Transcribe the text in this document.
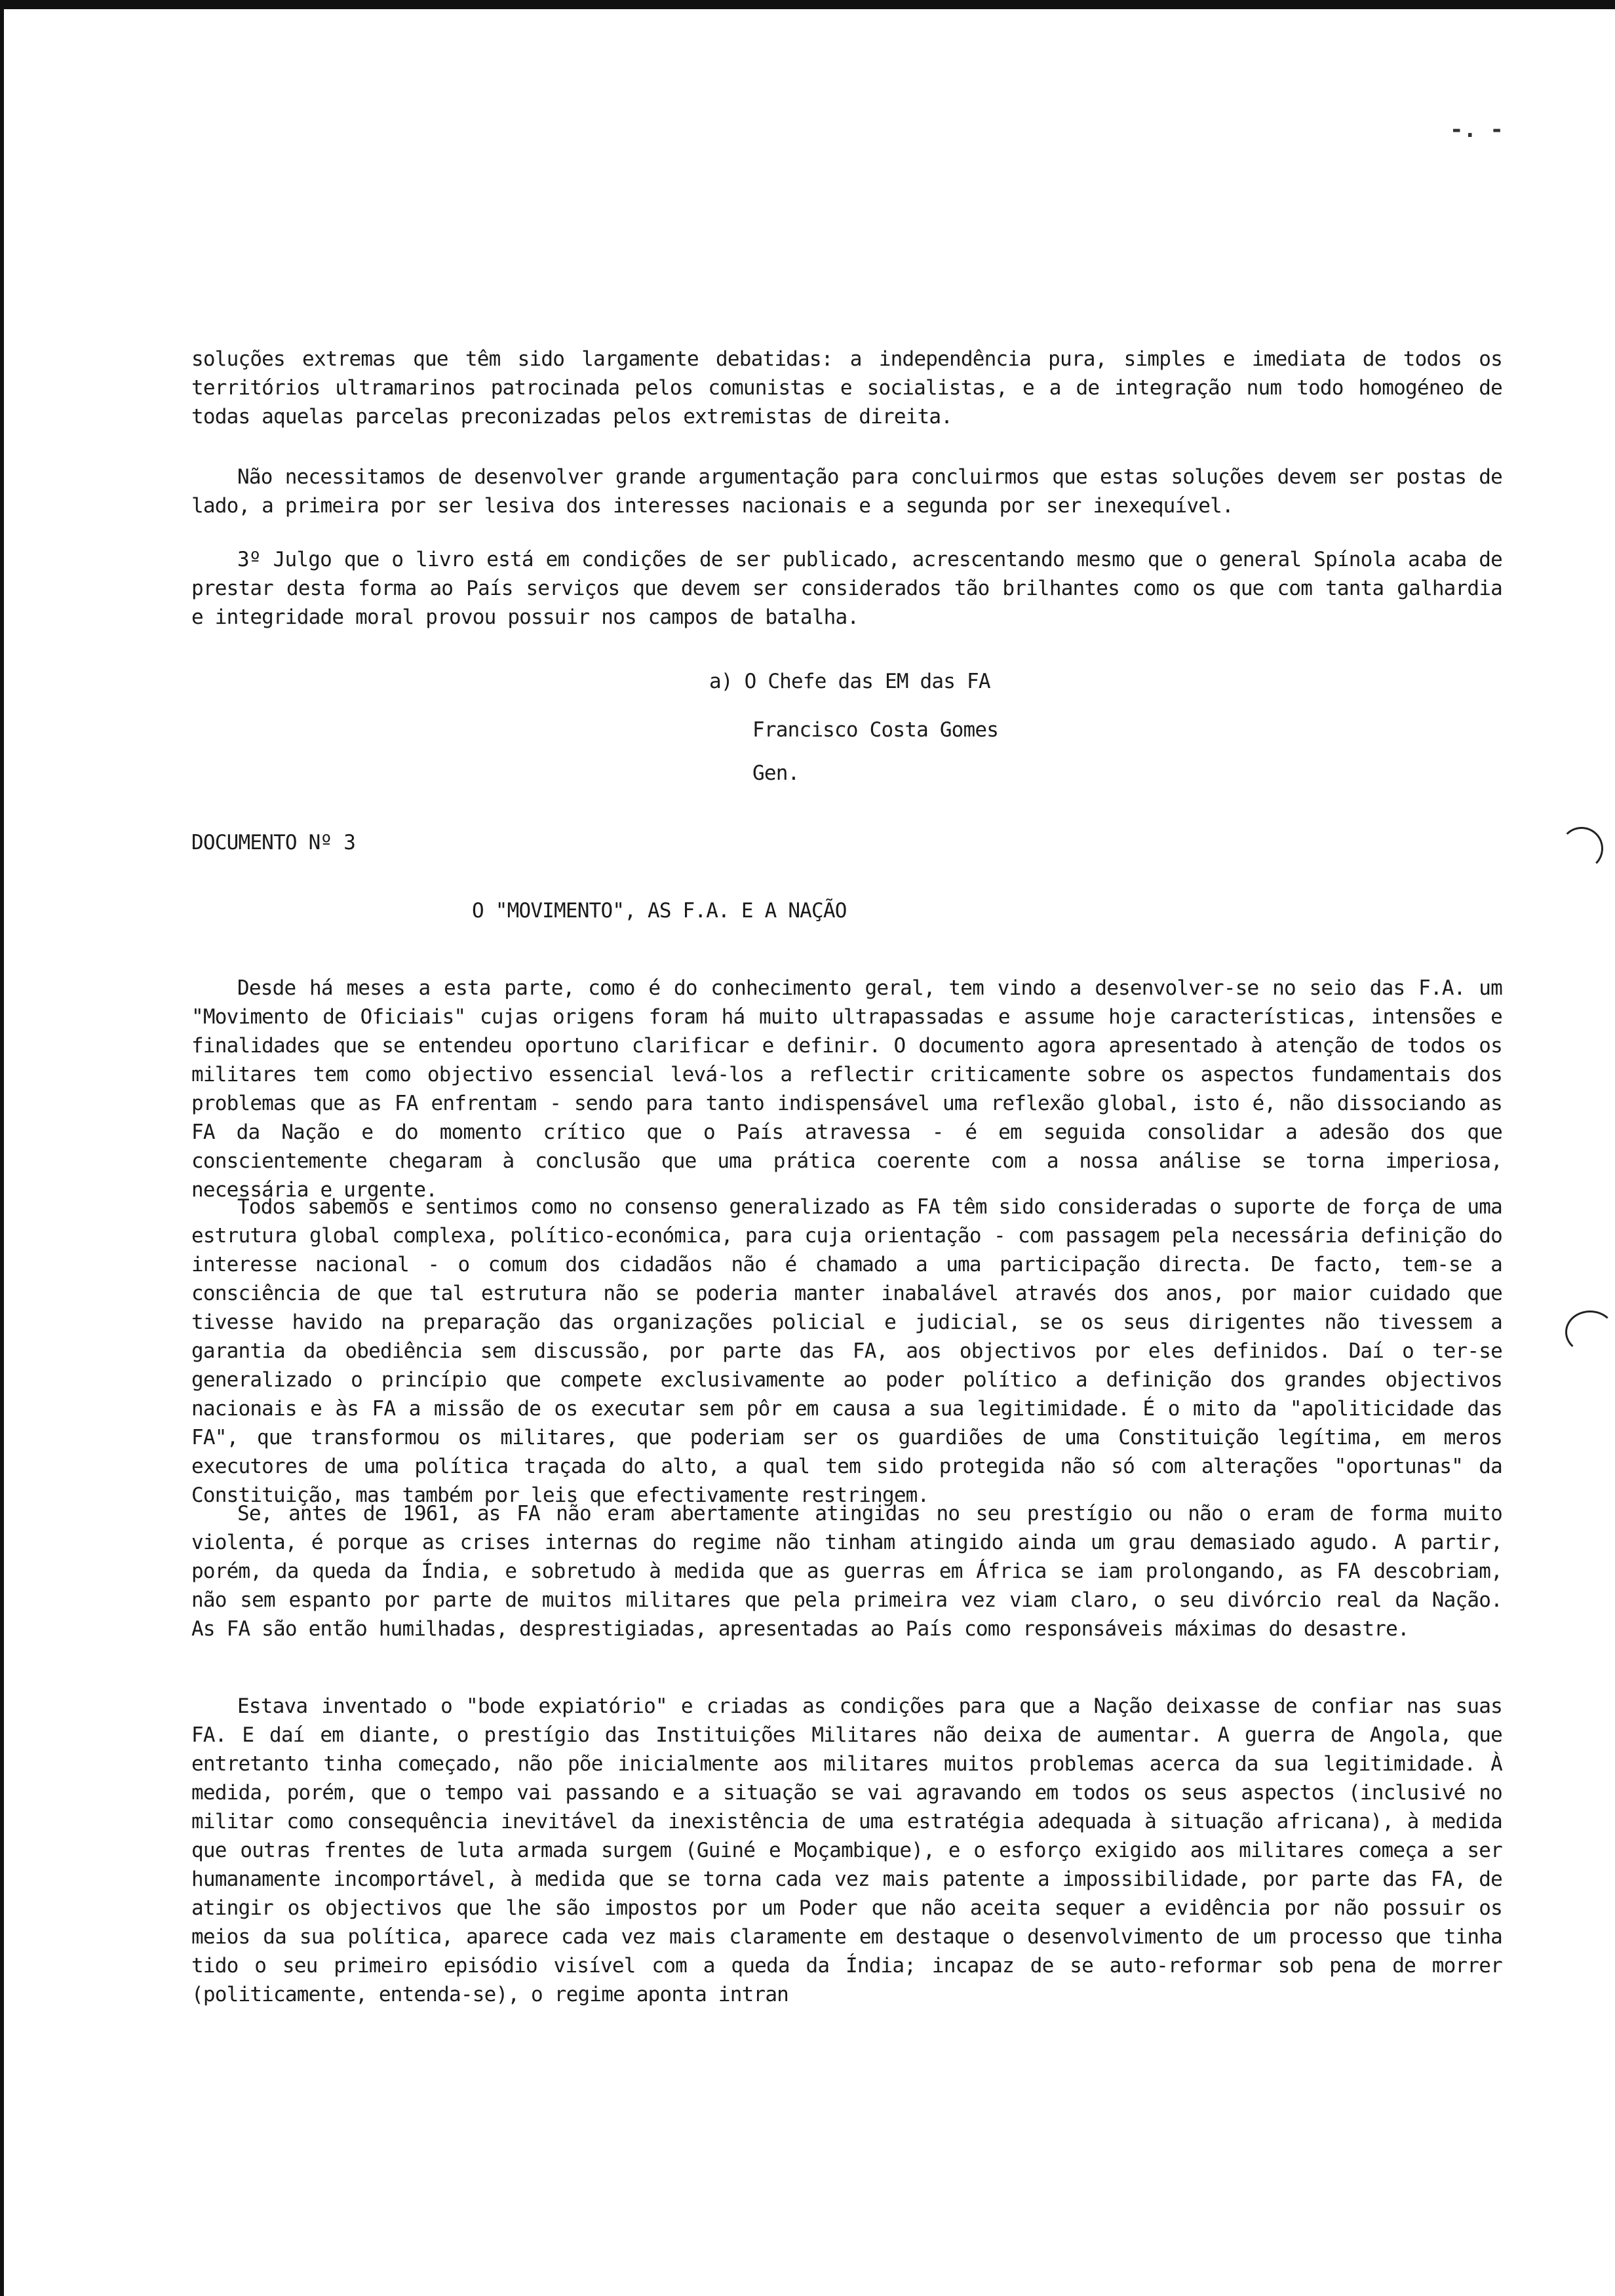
-. -

soluções extremas que têm sido largamente debatidas: a independência pura, simples e imediata de todos os territórios ultramarinos patrocinada pelos comunistas e socialistas, e a de integração num todo homogéneo de todas aquelas parcelas preconizadas pelos extremistas de direita.

Não necessitamos de desenvolver grande argumentação para concluirmos que estas soluções devem ser postas de lado, a primeira por ser lesiva dos interesses nacionais e a segunda por ser inexequível.

3º Julgo que o livro está em condições de ser publicado, acrescentando mesmo que o general Spínola acaba de prestar desta forma ao País serviços que devem ser considerados tão brilhantes como os que com tanta galhardia e integridade moral provou possuir nos campos de batalha.

a) O Chefe das EM das FA

Francisco Costa Gomes

Gen.

DOCUMENTO Nº 3

O "MOVIMENTO", AS F.A. E A NAÇÃO

Desde há meses a esta parte, como é do conhecimento geral, tem vindo a desenvolver-se no seio das F.A. um "Movimento de Oficiais" cujas origens foram há muito ultrapassadas e assume hoje características, intensões e finalidades que se entendeu oportuno clarificar e definir. O documento agora apresentado à atenção de todos os militares tem como objectivo essencial levá-los a reflectir criticamente sobre os aspectos fundamentais dos problemas que as FA enfrentam - sendo para tanto indispensável uma reflexão global, isto é, não dissociando as FA da Nação e do momento crítico que o País atravessa - é em seguida consolidar a adesão dos que conscientemente chegaram à conclusão que uma prática coerente com a nossa análise se torna imperiosa, necessária e urgente.

Todos sabemos e sentimos como no consenso generalizado as FA têm sido consideradas o suporte de força de uma estrutura global complexa, político-económica, para cuja orientação - com passagem pela necessária definição do interesse nacional - o comum dos cidadãos não é chamado a uma participação directa. De facto, tem-se a consciência de que tal estrutura não se poderia manter inabalável através dos anos, por maior cuidado que tivesse havido na preparação das organizações policial e judicial, se os seus dirigentes não tivessem a garantia da obediência sem discussão, por parte das FA, aos objectivos por eles definidos. Daí o ter-se generalizado o princípio que compete exclusivamente ao poder político a definição dos grandes objectivos nacionais e às FA a missão de os executar sem pôr em causa a sua legitimidade. É o mito da "apoliticidade das FA", que transformou os militares, que poderiam ser os guardiões de uma Constituição legítima, em meros executores de uma política traçada do alto, a qual tem sido protegida não só com alterações "oportunas" da Constituição, mas também por leis que efectivamente restringem.

Se, antes de 1961, as FA não eram abertamente atingidas no seu prestígio ou não o eram de forma muito violenta, é porque as crises internas do regime não tinham atingido ainda um grau demasiado agudo. A partir, porém, da queda da Índia, e sobretudo à medida que as guerras em África se iam prolongando, as FA descobriam, não sem espanto por parte de muitos militares que pela primeira vez viam claro, o seu divórcio real da Nação. As FA são então humilhadas, desprestigiadas, apresentadas ao País como responsáveis máximas do desastre.

Estava inventado o "bode expiatório" e criadas as condições para que a Nação deixasse de confiar nas suas FA. E daí em diante, o prestígio das Instituições Militares não deixa de aumentar. A guerra de Angola, que entretanto tinha começado, não põe inicialmente aos militares muitos problemas acerca da sua legitimidade. À medida, porém, que o tempo vai passando e a situação se vai agravando em todos os seus aspectos (inclusivé no militar como consequência inevitável da inexistência de uma estratégia adequada à situação africana), à medida que outras frentes de luta armada surgem (Guiné e Moçambique), e o esforço exigido aos militares começa a ser humanamente incomportável, à medida que se torna cada vez mais patente a impossibilidade, por parte das FA, de atingir os objectivos que lhe são impostos por um Poder que não aceita sequer a evidência por não possuir os meios da sua política, aparece cada vez mais claramente em destaque o desenvolvimento de um processo que tinha tido o seu primeiro episódio visível com a queda da Índia; incapaz de se auto-reformar sob pena de morrer (politicamente, entenda-se), o regime aponta intran
